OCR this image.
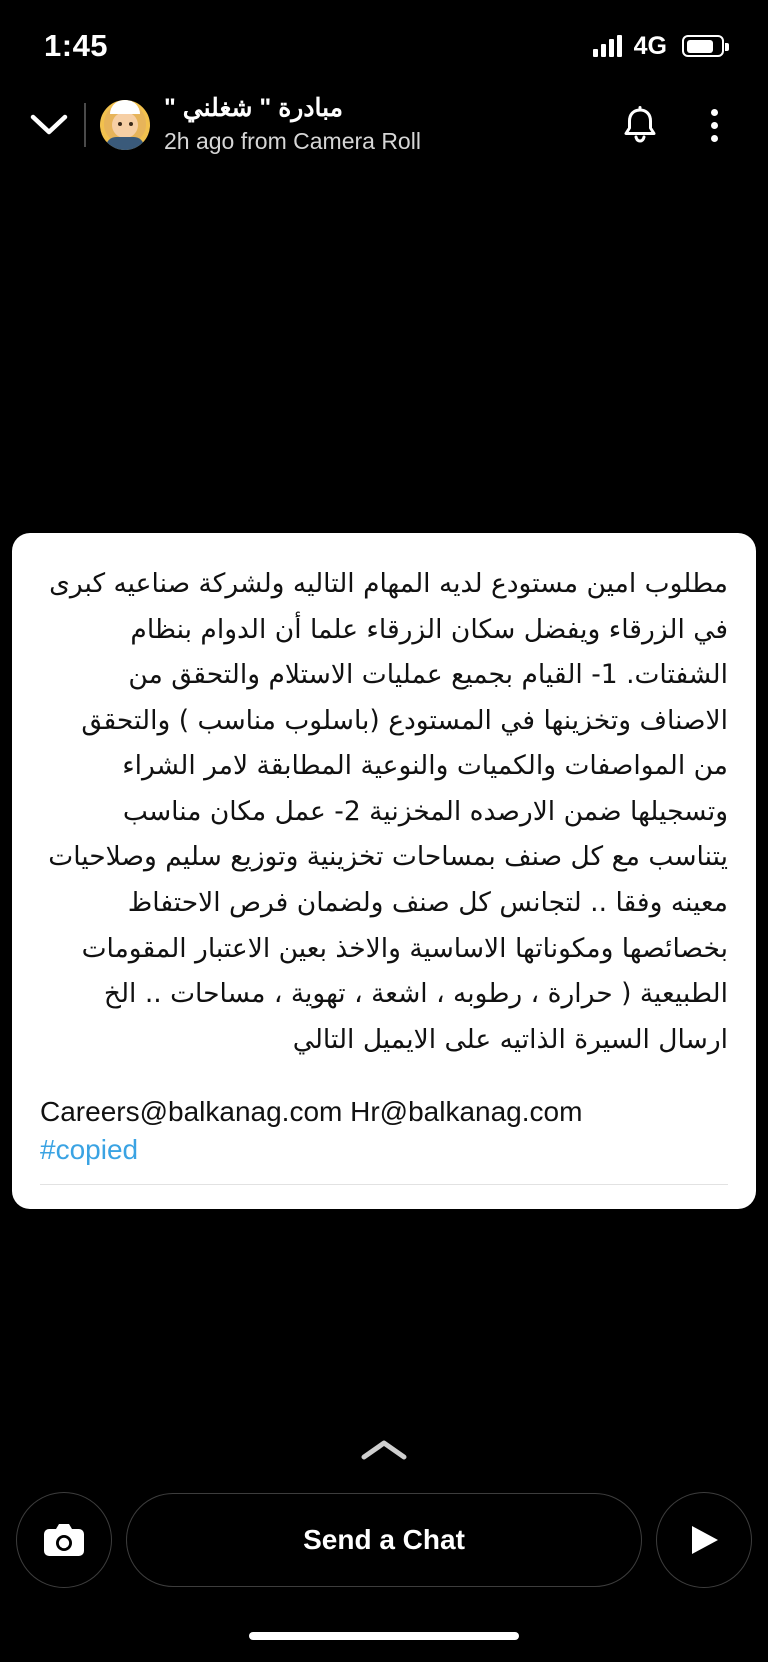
1:45	4G
مبادرة " شغلني "
2h ago from Camera Roll
مطلوب امين مستودع لديه المهام التاليه ولشركة صناعيه كبرى في الزرقاء ويفضل سكان الزرقاء علما أن الدوام بنظام الشفتات. 1- القيام بجميع عمليات الاستلام والتحقق من الاصناف وتخزينها في المستودع (باسلوب مناسب ) والتحقق من المواصفات والكميات والنوعية المطابقة لامر الشراء وتسجيلها ضمن الارصده المخزنية 2- عمل مكان مناسب يتناسب مع كل صنف بمساحات تخزينية وتوزيع سليم وصلاحيات معينه وفقا .. لتجانس كل صنف ولضمان فرص الاحتفاظ بخصائصها ومكوناتها الاساسية والاخذ بعين الاعتبار المقومات الطبيعية ( حرارة ، رطوبه ، اشعة ، تهوية ، مساحات .. الخ ارسال السيرة الذاتيه على الايميل التالي
Careers@balkanag.com Hr@balkanag.com
#copied
Send a Chat
